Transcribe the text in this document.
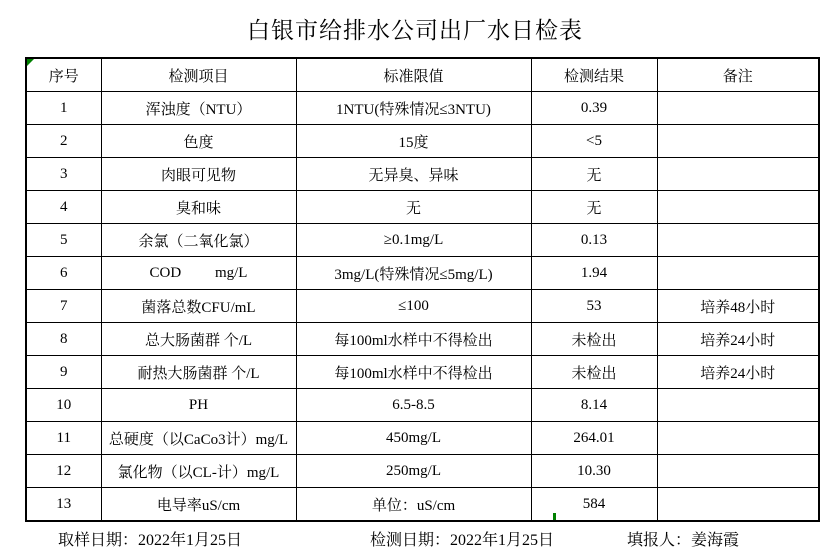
白银市给排水公司出厂水日检表
序号	检测项目	标准限值	检测结果	备注
1	浑浊度（NTU）	1NTU(特殊情况≤3NTU)	0.39	
2	色度	15度	<5	
3	肉眼可见物	无异臭、异味	无	
4	臭和味	无	无	
5	余氯（二氧化氯）	≥0.1mg/L	0.13	
6	COD         mg/L	3mg/L(特殊情况≤5mg/L)	1.94	
7	菌落总数CFU/mL	≤100	53	培养48小时
8	总大肠菌群 个/L	每100ml水样中不得检出	未检出	培养24小时
9	耐热大肠菌群 个/L	每100ml水样中不得检出	未检出	培养24小时
10	PH	6.5-8.5	8.14	
11	总硬度（以CaCo3计）mg/L	450mg/L	264.01	
12	氯化物（以CL-计）mg/L	250mg/L	10.30	
13	电导率uS/cm	单位：uS/cm	584	
取样日期：2022年1月25日	检测日期：2022年1月25日	填报人：姜海霞
